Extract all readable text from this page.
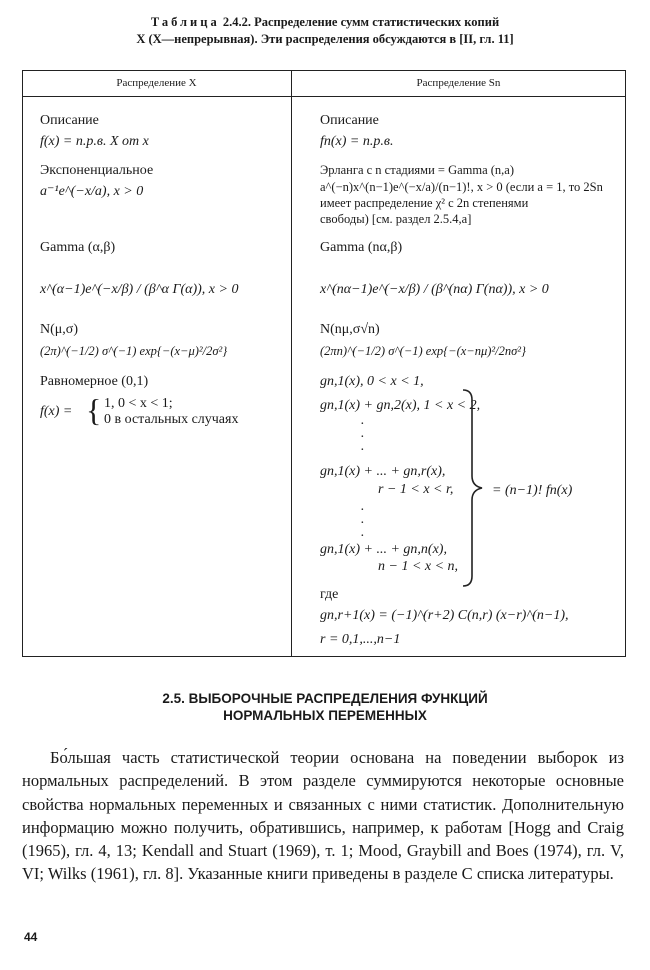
Таблица 2.4.2. Распределение сумм статистических копий
X (X—непрерывная). Эти распределения обсуждаются в [II, гл. 11]
Распределение X	Распределение Sn
Описание
f(x) = п.р.в. X от x
Экспоненциальное
a⁻¹e^(−x/a), x > 0
Gamma (α,β)
x^(α−1)e^(−x/β) / (β^α Γ(α)), x > 0
N(μ,σ)
(2π)^(−1/2) σ^(−1) exp{−(x−μ)²/2σ²}
Равномерное (0,1)
f(x) = { 1, 0 < x < 1;
0 в остальных случаях
Описание
fn(x) = п.р.в.
Эрланга с n стадиями = Gamma (n,a)
a^(−n)x^(n−1)e^(−x/a)/(n−1)!, x > 0 (если a = 1, то 2Sn
имеет распределение χ² с 2n степенями
свободы) [см. раздел 2.5.4,a]
Gamma (nα,β)
x^(nα−1)e^(−x/β) / (β^(nα) Γ(nα)), x > 0
N(nμ,σ√n)
(2πn)^(−1/2) σ^(−1) exp{−(x−nμ)²/2nσ²}
gn,1(x), 0 < x < 1,
gn,1(x) + gn,2(x), 1 < x < 2,
·
·
·
gn,1(x) + ... + gn,r(x),
r − 1 < x < r,
·
·
·
gn,1(x) + ... + gn,n(x),
n − 1 < x < n,
= (n−1)! fn(x)
где
gn,r+1(x) = (−1)^(r+2) C(n,r) (x−r)^(n−1),
r = 0,1,...,n−1
2.5. ВЫБОРОЧНЫЕ РАСПРЕДЕЛЕНИЯ ФУНКЦИЙ
НОРМАЛЬНЫХ ПЕРЕМЕННЫХ

Бо́льшая часть статистической теории основана на поведении выборок из нормальных распределений. В этом разделе суммируются некоторые основные свойства нормальных переменных и связанных с ними статистик. Дополнительную информацию можно получить, обратившись, например, к работам [Hogg and Craig (1965), гл. 4, 13; Kendall and Stuart (1969), т. 1; Mood, Graybill and Boes (1974), гл. V, VI; Wilks (1961), гл. 8]. Указанные книги приведены в разделе С списка литературы.

44
